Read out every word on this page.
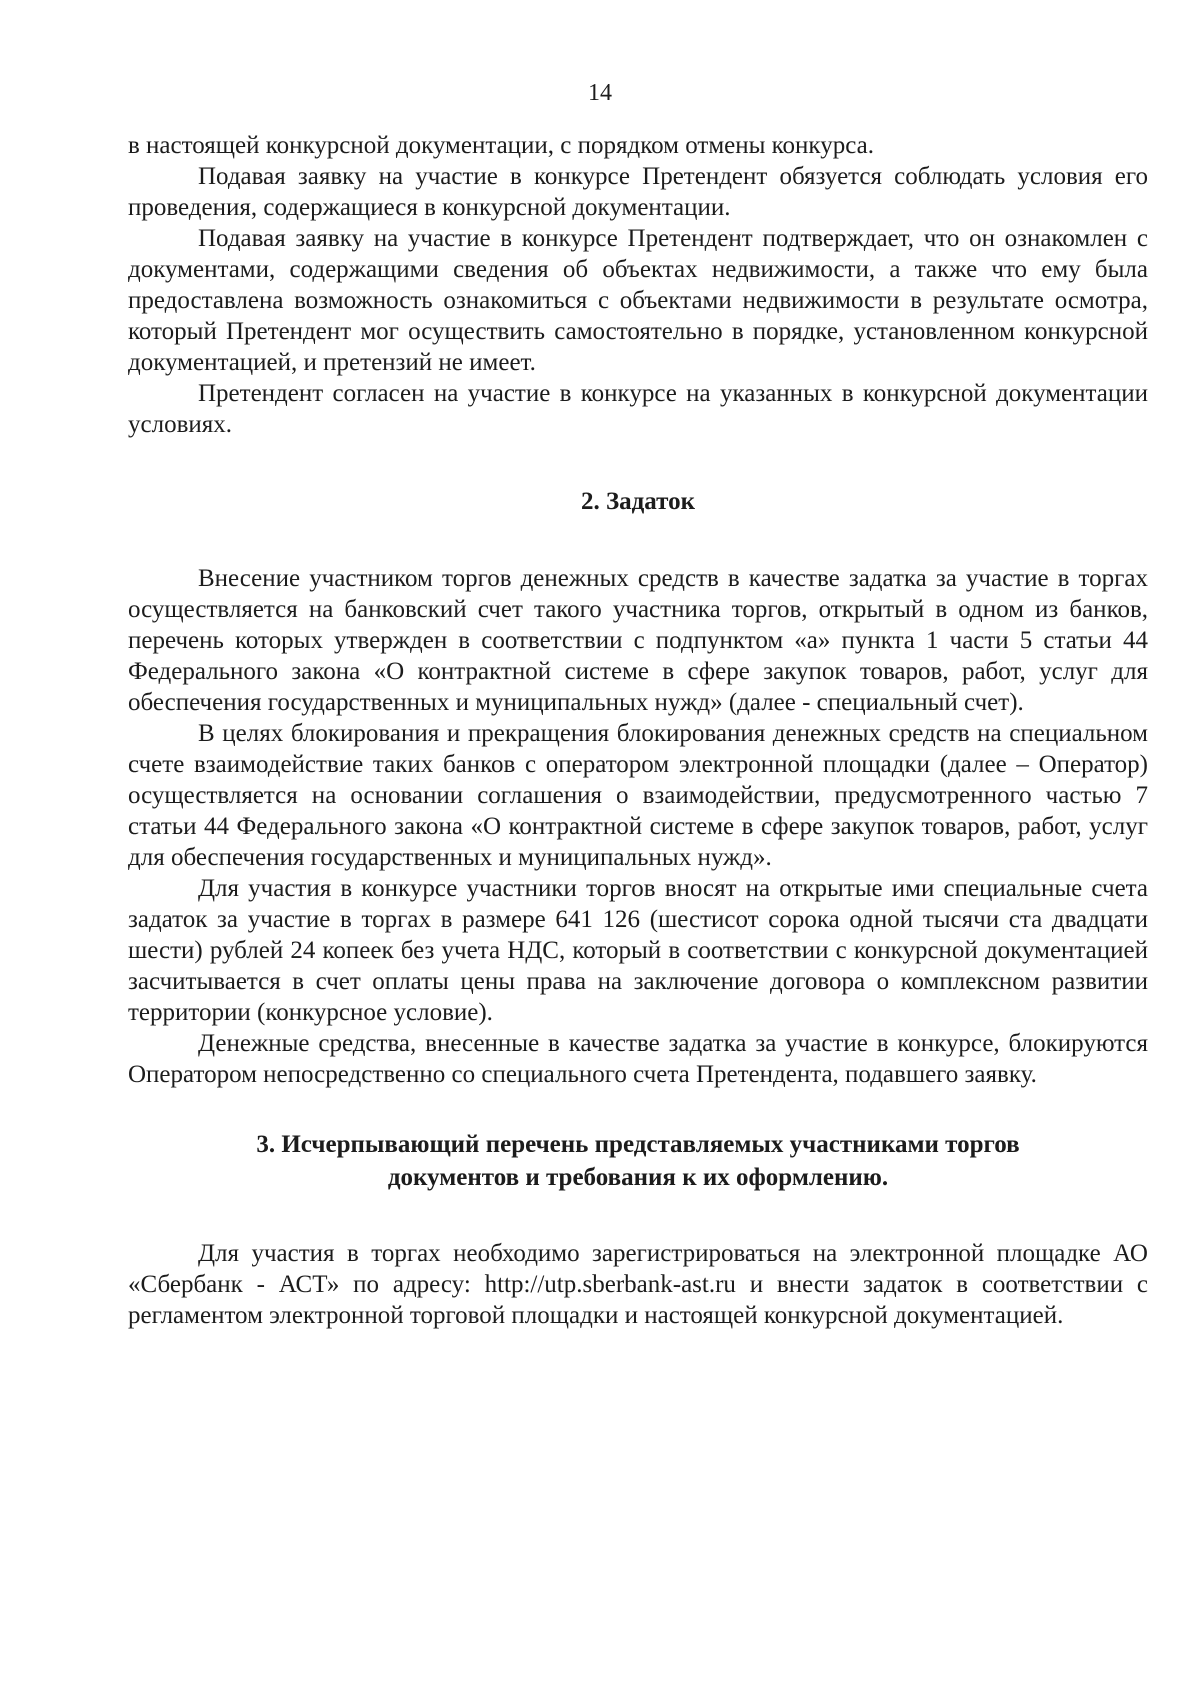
14

в настоящей конкурсной документации, с порядком отмены конкурса.

Подавая заявку на участие в конкурсе Претендент обязуется соблюдать условия его проведения, содержащиеся в конкурсной документации.

Подавая заявку на участие в конкурсе Претендент подтверждает, что он ознакомлен с документами, содержащими сведения об объектах недвижимости, а также что ему была предоставлена возможность ознакомиться с объектами недвижимости в результате осмотра, который Претендент мог осуществить самостоятельно в порядке, установленном конкурсной документацией, и претензий не имеет.

Претендент согласен на участие в конкурсе на указанных в конкурсной документации условиях.

2. Задаток

Внесение участником торгов денежных средств в качестве задатка за участие в торгах осуществляется на банковский счет такого участника торгов, открытый в одном из банков, перечень которых утвержден в соответствии с подпунктом «а» пункта 1 части 5 статьи 44 Федерального закона «О контрактной системе в сфере закупок товаров, работ, услуг для обеспечения государственных и муниципальных нужд» (далее - специальный счет).

В целях блокирования и прекращения блокирования денежных средств на специальном счете взаимодействие таких банков с оператором электронной площадки (далее – Оператор) осуществляется на основании соглашения о взаимодействии, предусмотренного частью 7 статьи 44 Федерального закона «О контрактной системе в сфере закупок товаров, работ, услуг для обеспечения государственных и муниципальных нужд».

Для участия в конкурсе участники торгов вносят на открытые ими специальные счета задаток за участие в торгах в размере 641 126 (шестисот сорока одной тысячи ста двадцати шести) рублей 24 копеек без учета НДС, который в соответствии с конкурсной документацией засчитывается в счет оплаты цены права на заключение договора о комплексном развитии территории (конкурсное условие).

Денежные средства, внесенные в качестве задатка за участие в конкурсе, блокируются Оператором непосредственно со специального счета Претендента, подавшего заявку.

3. Исчерпывающий перечень представляемых участниками торгов
документов и требования к их оформлению.

Для участия в торгах необходимо зарегистрироваться на электронной площадке АО «Сбербанк - АСТ» по адресу: http://utp.sberbank-ast.ru и внести задаток в соответствии с регламентом электронной торговой площадки и настоящей конкурсной документацией.
